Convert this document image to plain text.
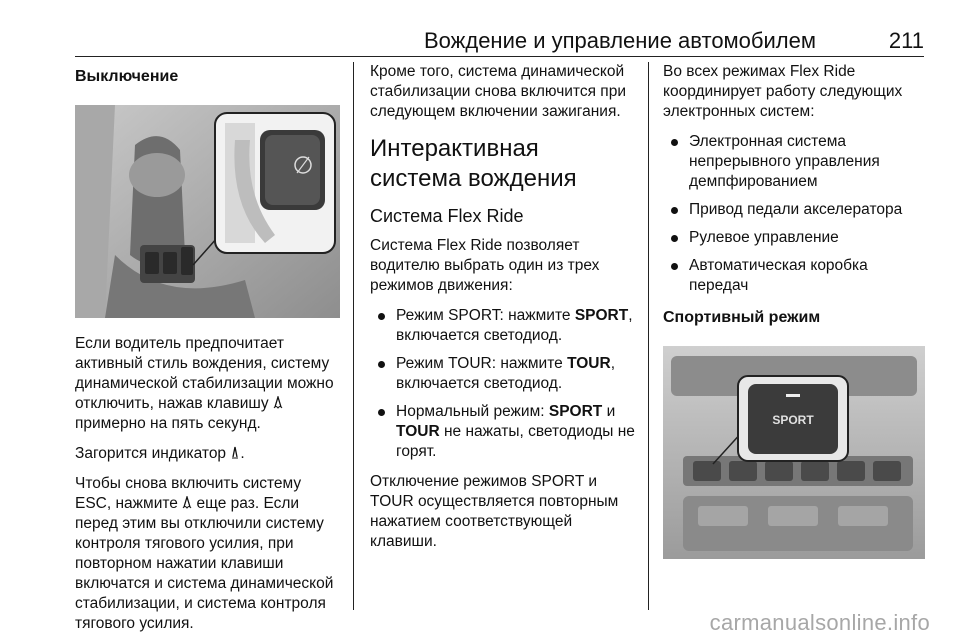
Вождение и управление автомобилем	211
Выключение

Если водитель предпочитает активный стиль вождения, систему динамической стабилизации можно отключить, нажав клавишу  примерно на пять секунд.

Загорится индикатор .

Чтобы снова включить систему ESC, нажмите еще раз. Если перед этим вы отключили систему контроля тягового усилия, при повторном нажатии клавиши включатся и система динамической стабилизации, и система контроля тягового усилия.

Кроме того, система динамической стабилизации снова включится при следующем включении зажигания.

Интерактивная система вождения
Система Flex Ride

Система Flex Ride позволяет водителю выбрать один из трех режимов движения:

Режим SPORT: нажмите SPORT, включается светодиод.
Режим TOUR: нажмите TOUR, включается светодиод.
Нормальный режим: SPORT и TOUR не нажаты, светодиоды не горят.

Отключение режимов SPORT и TOUR осуществляется повторным нажатием соответствующей клавиши.

Во всех режимах Flex Ride координирует работу следующих электронных систем:

Электронная система непрерывного управления демпфированием
Привод педали акселератора
Рулевое управление
Автоматическая коробка передач
Спортивный режим
SPORT
carmanualsonline.info
